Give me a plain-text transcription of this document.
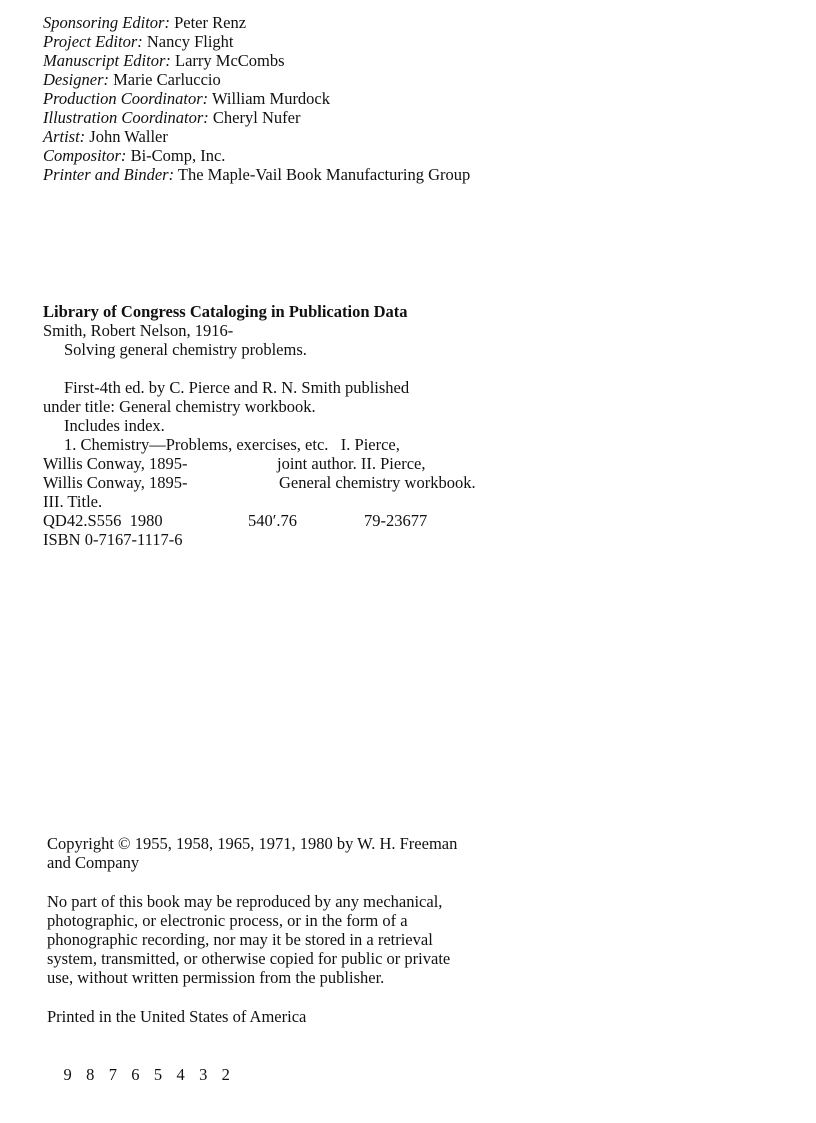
Sponsoring Editor: Peter Renz
Project Editor: Nancy Flight
Manuscript Editor: Larry McCombs
Designer: Marie Carluccio
Production Coordinator: William Murdock
Illustration Coordinator: Cheryl Nufer
Artist: John Waller
Compositor: Bi-Comp, Inc.
Printer and Binder: The Maple-Vail Book Manufacturing Group
Library of Congress Cataloging in Publication Data
Smith, Robert Nelson, 1916-
Solving general chemistry problems.
First-4th ed. by C. Pierce and R. N. Smith published
under title: General chemistry workbook.
Includes index.
1. Chemistry—Problems, exercises, etc.   I. Pierce,
Willis Conway, 1895-	joint author. II. Pierce,
Willis Conway, 1895-	General chemistry workbook.
III. Title.
QD42.S556  1980	540′.76	79-23677
ISBN 0-7167-1117-6
Copyright © 1955, 1958, 1965, 1971, 1980 by W. H. Freeman
and Company
No part of this book may be reproduced by any mechanical,
photographic, or electronic process, or in the form of a
phonographic recording, nor may it be stored in a retrieval
system, transmitted, or otherwise copied for public or private
use, without written permission from the publisher.
Printed in the United States of America

9 8 7 6 5 4 3 2
